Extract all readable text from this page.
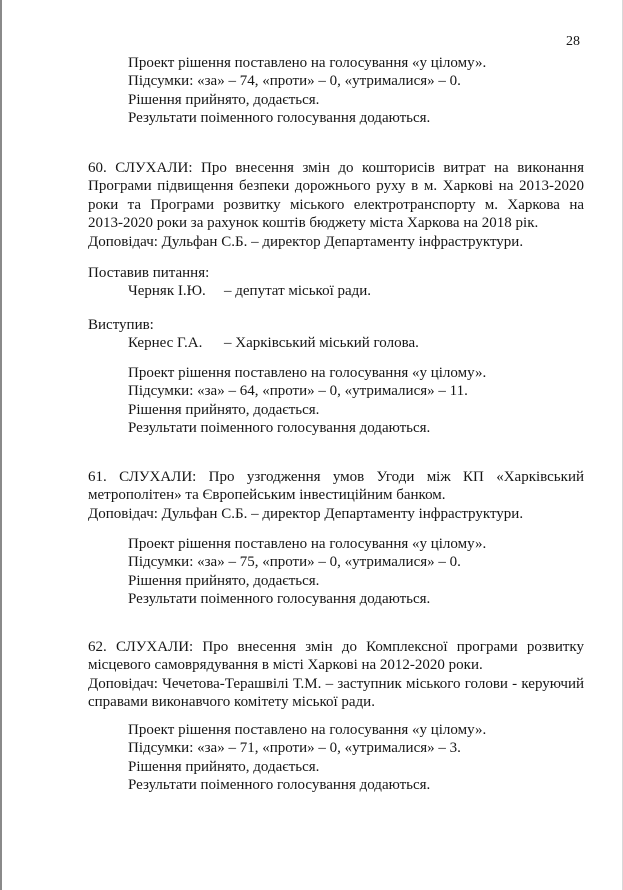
28
Проект рішення поставлено на голосування «у цілому».
Підсумки: «за» – 74, «проти» – 0, «утрималися» – 0.
Рішення прийнято, додається.
Результати поіменного голосування додаються.
60. СЛУХАЛИ: Про внесення змін до кошторисів витрат на виконання
Програми підвищення безпеки дорожнього руху в м. Харкові на 2013-2020
роки та Програми розвитку міського електротранспорту м. Харкова на
2013-2020 роки за рахунок коштів бюджету міста Харкова на 2018 рік.
Доповідач: Дульфан С.Б. – директор Департаменту інфраструктури.
Поставив питання:
Черняк І.Ю. – депутат міської ради.
Виступив:
Кернес Г.А. – Харківський міський голова.
Проект рішення поставлено на голосування «у цілому».
Підсумки: «за» – 64, «проти» – 0, «утрималися» – 11.
Рішення прийнято, додається.
Результати поіменного голосування додаються.
61. СЛУХАЛИ: Про узгодження умов Угоди між КП «Харківський
метрополітен» та Європейським інвестиційним банком.
Доповідач: Дульфан С.Б. – директор Департаменту інфраструктури.
Проект рішення поставлено на голосування «у цілому».
Підсумки: «за» – 75, «проти» – 0, «утрималися» – 0.
Рішення прийнято, додається.
Результати поіменного голосування додаються.
62. СЛУХАЛИ: Про внесення змін до Комплексної програми розвитку
місцевого самоврядування в місті Харкові на 2012-2020 роки.
Доповідач: Чечетова-Терашвілі Т.М. – заступник міського голови - керуючий
справами виконавчого комітету міської ради.
Проект рішення поставлено на голосування «у цілому».
Підсумки: «за» – 71, «проти» – 0, «утрималися» – 3.
Рішення прийнято, додається.
Результати поіменного голосування додаються.
